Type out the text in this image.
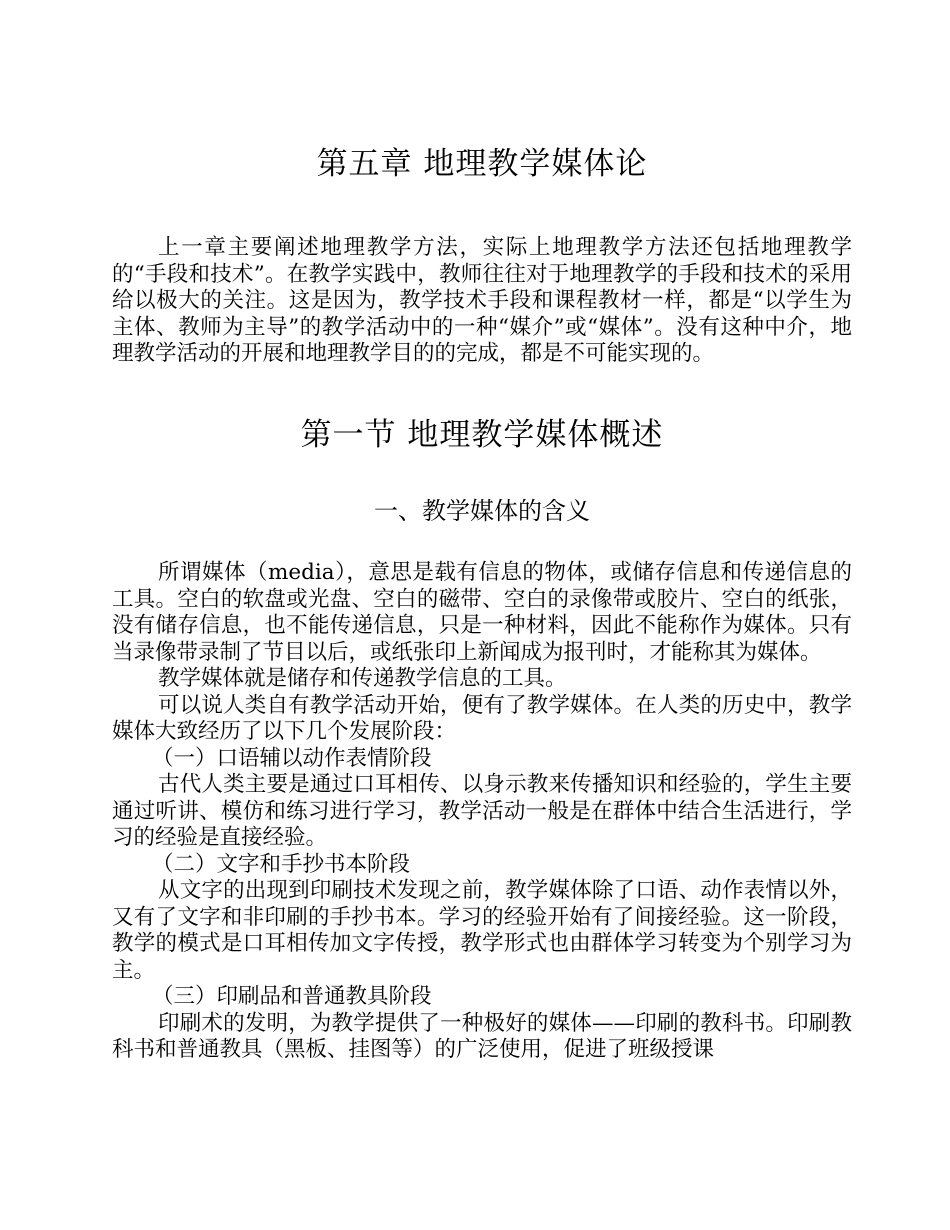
第五章 地理教学媒体论

上一章主要阐述地理教学方法，实际上地理教学方法还包括地理教学的“手段和技术”。在教学实践中，教师往往对于地理教学的手段和技术的采用给以极大的关注。这是因为，教学技术手段和课程教材一样，都是“以学生为主体、教师为主导”的教学活动中的一种“媒介”或“媒体”。没有这种中介，地理教学活动的开展和地理教学目的的完成，都是不可能实现的。

第一节 地理教学媒体概述
一、教学媒体的含义

所谓媒体（media），意思是载有信息的物体，或储存信息和传递信息的工具。空白的软盘或光盘、空白的磁带、空白的录像带或胶片、空白的纸张，没有储存信息，也不能传递信息，只是一种材料，因此不能称作为媒体。只有当录像带录制了节目以后，或纸张印上新闻成为报刊时，才能称其为媒体。

教学媒体就是储存和传递教学信息的工具。

可以说人类自有教学活动开始，便有了教学媒体。在人类的历史中，教学媒体大致经历了以下几个发展阶段：

（一）口语辅以动作表情阶段

古代人类主要是通过口耳相传、以身示教来传播知识和经验的，学生主要通过听讲、模仿和练习进行学习，教学活动一般是在群体中结合生活进行，学习的经验是直接经验。

（二）文字和手抄书本阶段

从文字的出现到印刷技术发现之前，教学媒体除了口语、动作表情以外，又有了文字和非印刷的手抄书本。学习的经验开始有了间接经验。这一阶段，教学的模式是口耳相传加文字传授，教学形式也由群体学习转变为个别学习为主。

（三）印刷品和普通教具阶段

印刷术的发明，为教学提供了一种极好的媒体——印刷的教科书。印刷教科书和普通教具（黑板、挂图等）的广泛使用，促进了班级授课
